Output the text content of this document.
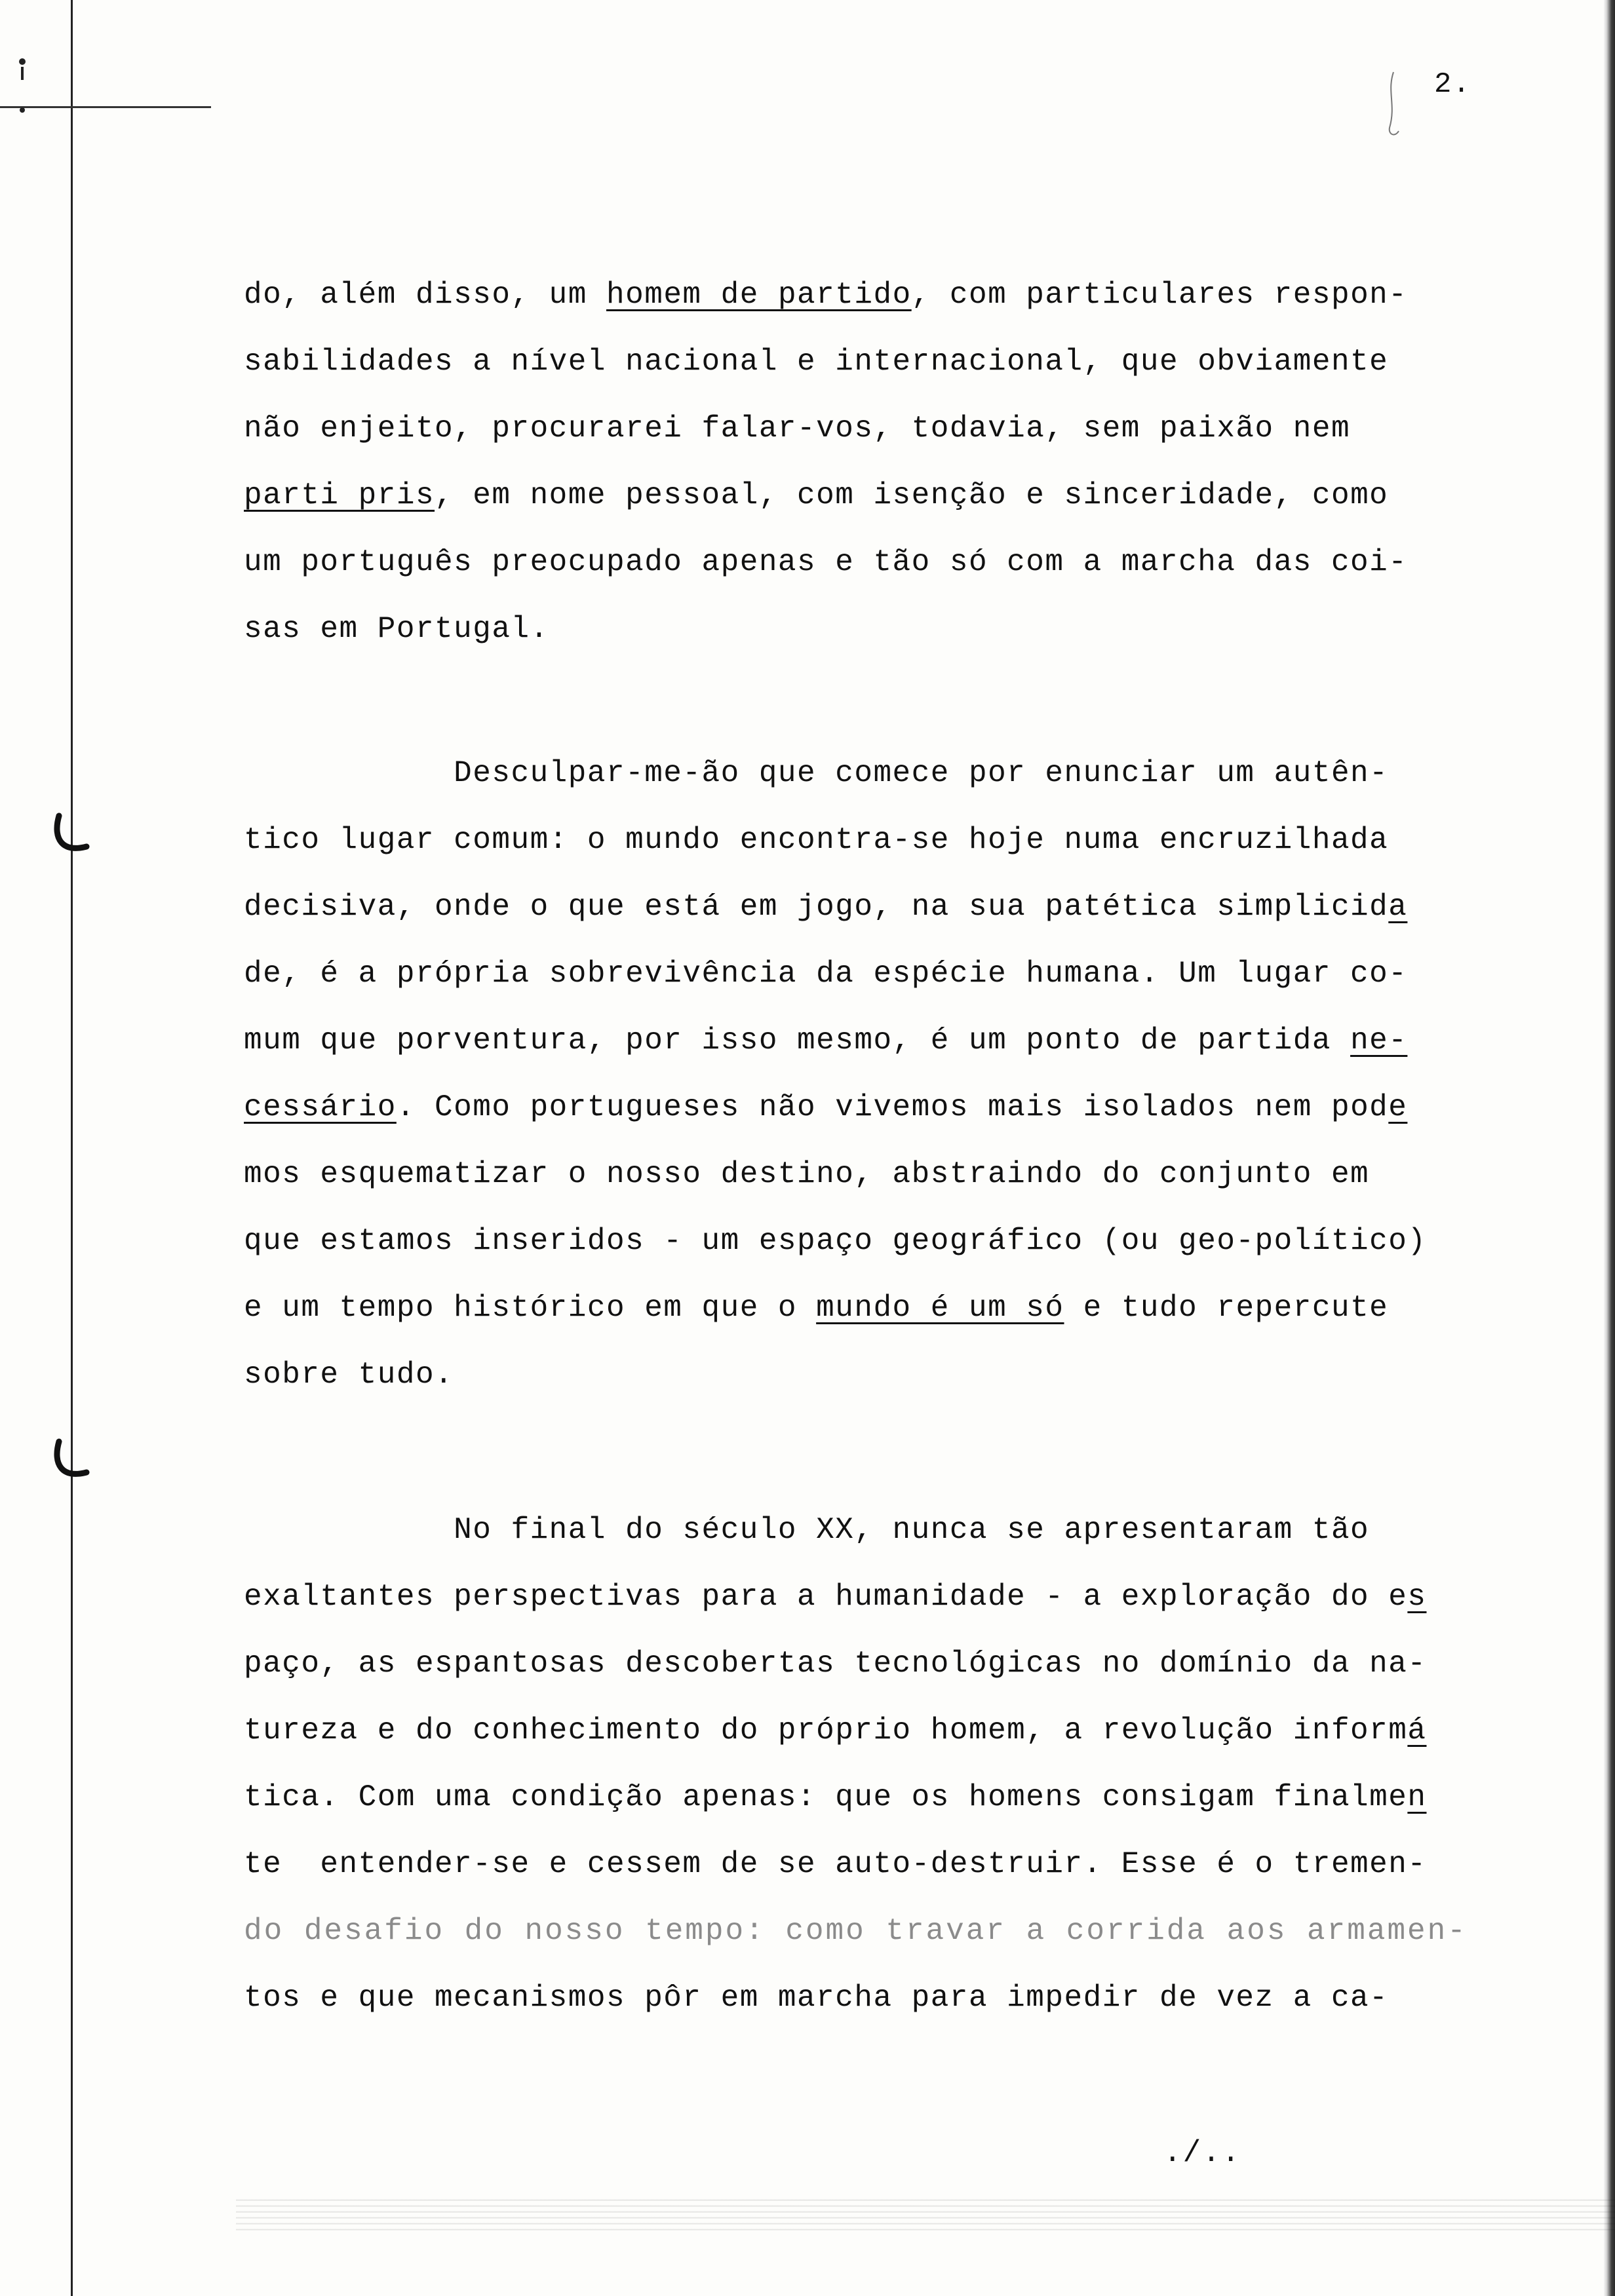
2.
do, além disso, um homem de partido, com particulares respon-
sabilidades a nível nacional e internacional, que obviamente
não enjeito, procurarei falar-vos, todavia, sem paixão nem
parti pris, em nome pessoal, com isenção e sinceridade, como
um português preocupado apenas e tão só com a marcha das coi-
sas em Portugal.
Desculpar-me-ão que comece por enunciar um autên-
tico lugar comum: o mundo encontra-se hoje numa encruzilhada
decisiva, onde o que está em jogo, na sua patética simplicida
de, é a própria sobrevivência da espécie humana. Um lugar co-
mum que porventura, por isso mesmo, é um ponto de partida ne-
cessário. Como portugueses não vivemos mais isolados nem pode
mos esquematizar o nosso destino, abstraindo do conjunto em
que estamos inseridos - um espaço geográfico (ou geo-político)
e um tempo histórico em que o mundo é um só e tudo repercute
sobre tudo.
No final do século XX, nunca se apresentaram tão
exaltantes perspectivas para a humanidade - a exploração do es
paço, as espantosas descobertas tecnológicas no domínio da na-
tureza e do conhecimento do próprio homem, a revolução informá
tica. Com uma condição apenas: que os homens consigam finalmen
te  entender-se e cessem de se auto-destruir. Esse é o tremen-
do desafio do nosso tempo: como travar a corrida aos armamen-
tos e que mecanismos pôr em marcha para impedir de vez a ca-
./..
